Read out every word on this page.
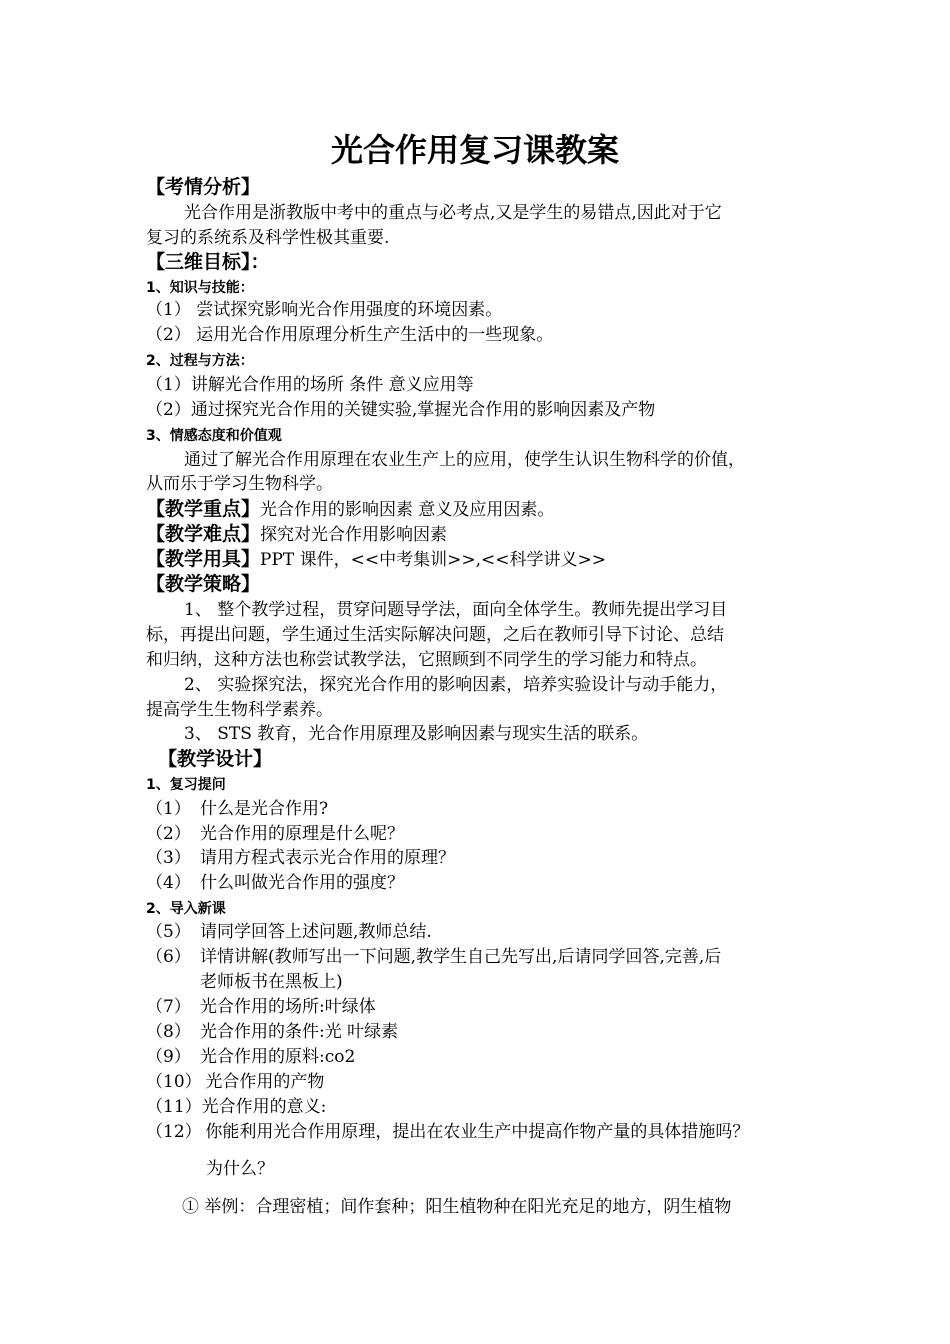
光合作用复习课教案
【考情分析】
光合作用是浙教版中考中的重点与必考点,又是学生的易错点,因此对于它
复习的系统系及科学性极其重要.
【三维目标】：
1、知识与技能：
（1） 尝试探究影响光合作用强度的环境因素。
（2） 运用光合作用原理分析生产生活中的一些现象。
2、过程与方法：
（1）讲解光合作用的场所 条件 意义应用等
（2）通过探究光合作用的关键实验,掌握光合作用的影响因素及产物
3、情感态度和价值观
通过了解光合作用原理在农业生产上的应用，使学生认识生物科学的价值，
从而乐于学习生物科学。
【教学重点】光合作用的影响因素 意义及应用因素。
【教学难点】探究对光合作用影响因素
【教学用具】PPT 课件，<<中考集训>>,<<科学讲义>>
【教学策略】
1、 整个教学过程，贯穿问题导学法，面向全体学生。教师先提出学习目
标，再提出问题，学生通过生活实际解决问题，之后在教师引导下讨论、总结
和归纳，这种方法也称尝试教学法，它照顾到不同学生的学习能力和特点。
2、 实验探究法，探究光合作用的影响因素，培养实验设计与动手能力，
提高学生生物科学素养。
3、 STS 教育，光合作用原理及影响因素与现实生活的联系。
【教学设计】
1、复习提问
（1） 什么是光合作用?
（2） 光合作用的原理是什么呢？
（3） 请用方程式表示光合作用的原理？
（4） 什么叫做光合作用的强度？
2、导入新课
（5） 请同学回答上述问题,教师总结.
（6） 详情讲解(教师写出一下问题,教学生自己先写出,后请同学回答,完善,后
老师板书在黑板上)
（7） 光合作用的场所:叶绿体
（8） 光合作用的条件:光 叶绿素
（9） 光合作用的原料:co2
（10） 光合作用的产物
（11）光合作用的意义:
（12） 你能利用光合作用原理，提出在农业生产中提高作物产量的具体措施吗？
为什么？
① 举例：合理密植；间作套种；阳生植物种在阳光充足的地方，阴生植物
